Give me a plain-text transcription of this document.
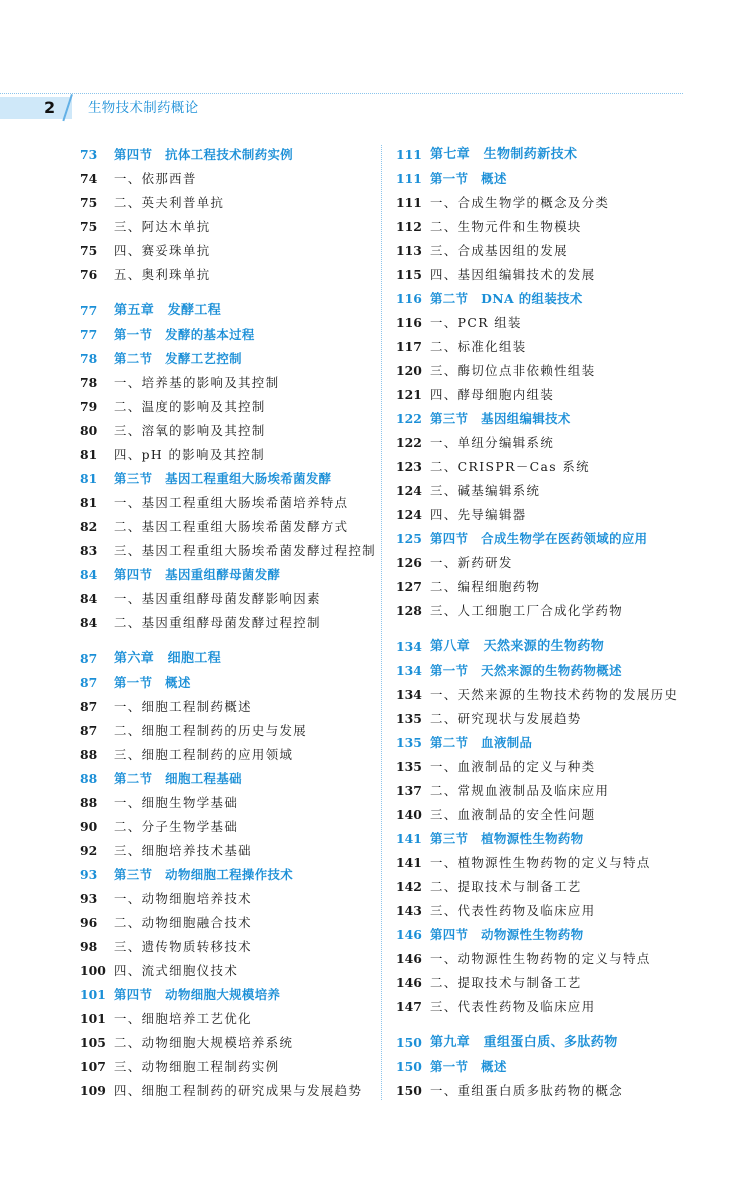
2	生物技术制药概论
73 第四节　抗体工程技术制药实例
74 一、依那西普
75 二、英夫利普单抗
75 三、阿达木单抗
75 四、赛妥珠单抗
76 五、奥利珠单抗
77 第五章　发酵工程
77 第一节　发酵的基本过程
78 第二节　发酵工艺控制
78 一、培养基的影响及其控制
79 二、温度的影响及其控制
80 三、溶氧的影响及其控制
81 四、pH 的影响及其控制
81 第三节　基因工程重组大肠埃希菌发酵
81 一、基因工程重组大肠埃希菌培养特点
82 二、基因工程重组大肠埃希菌发酵方式
83 三、基因工程重组大肠埃希菌发酵过程控制
84 第四节　基因重组酵母菌发酵
84 一、基因重组酵母菌发酵影响因素
84 二、基因重组酵母菌发酵过程控制
87 第六章　细胞工程
87 第一节　概述
87 一、细胞工程制药概述
87 二、细胞工程制药的历史与发展
88 三、细胞工程制药的应用领域
88 第二节　细胞工程基础
88 一、细胞生物学基础
90 二、分子生物学基础
92 三、细胞培养技术基础
93 第三节　动物细胞工程操作技术
93 一、动物细胞培养技术
96 二、动物细胞融合技术
98 三、遗传物质转移技术
100 四、流式细胞仪技术
101 第四节　动物细胞大规模培养
101 一、细胞培养工艺优化
105 二、动物细胞大规模培养系统
107 三、动物细胞工程制药实例
109 四、细胞工程制药的研究成果与发展趋势
111 第七章　生物制药新技术
111 第一节　概述
111 一、合成生物学的概念及分类
112 二、生物元件和生物模块
113 三、合成基因组的发展
115 四、基因组编辑技术的发展
116 第二节　DNA 的组装技术
116 一、PCR 组装
117 二、标准化组装
120 三、酶切位点非依赖性组装
121 四、酵母细胞内组装
122 第三节　基因组编辑技术
122 一、单纽分编辑系统
123 二、CRISPR－Cas 系统
124 三、碱基编辑系统
124 四、先导编辑器
125 第四节　合成生物学在医药领域的应用
126 一、新药研发
127 二、编程细胞药物
128 三、人工细胞工厂合成化学药物
134 第八章　天然来源的生物药物
134 第一节　天然来源的生物药物概述
134 一、天然来源的生物技术药物的发展历史
135 二、研究现状与发展趋势
135 第二节　血液制品
135 一、血液制品的定义与种类
137 二、常规血液制品及临床应用
140 三、血液制品的安全性问题
141 第三节　植物源性生物药物
141 一、植物源性生物药物的定义与特点
142 二、提取技术与制备工艺
143 三、代表性药物及临床应用
146 第四节　动物源性生物药物
146 一、动物源性生物药物的定义与特点
146 二、提取技术与制备工艺
147 三、代表性药物及临床应用
150 第九章　重组蛋白质、多肽药物
150 第一节　概述
150 一、重组蛋白质多肽药物的概念
